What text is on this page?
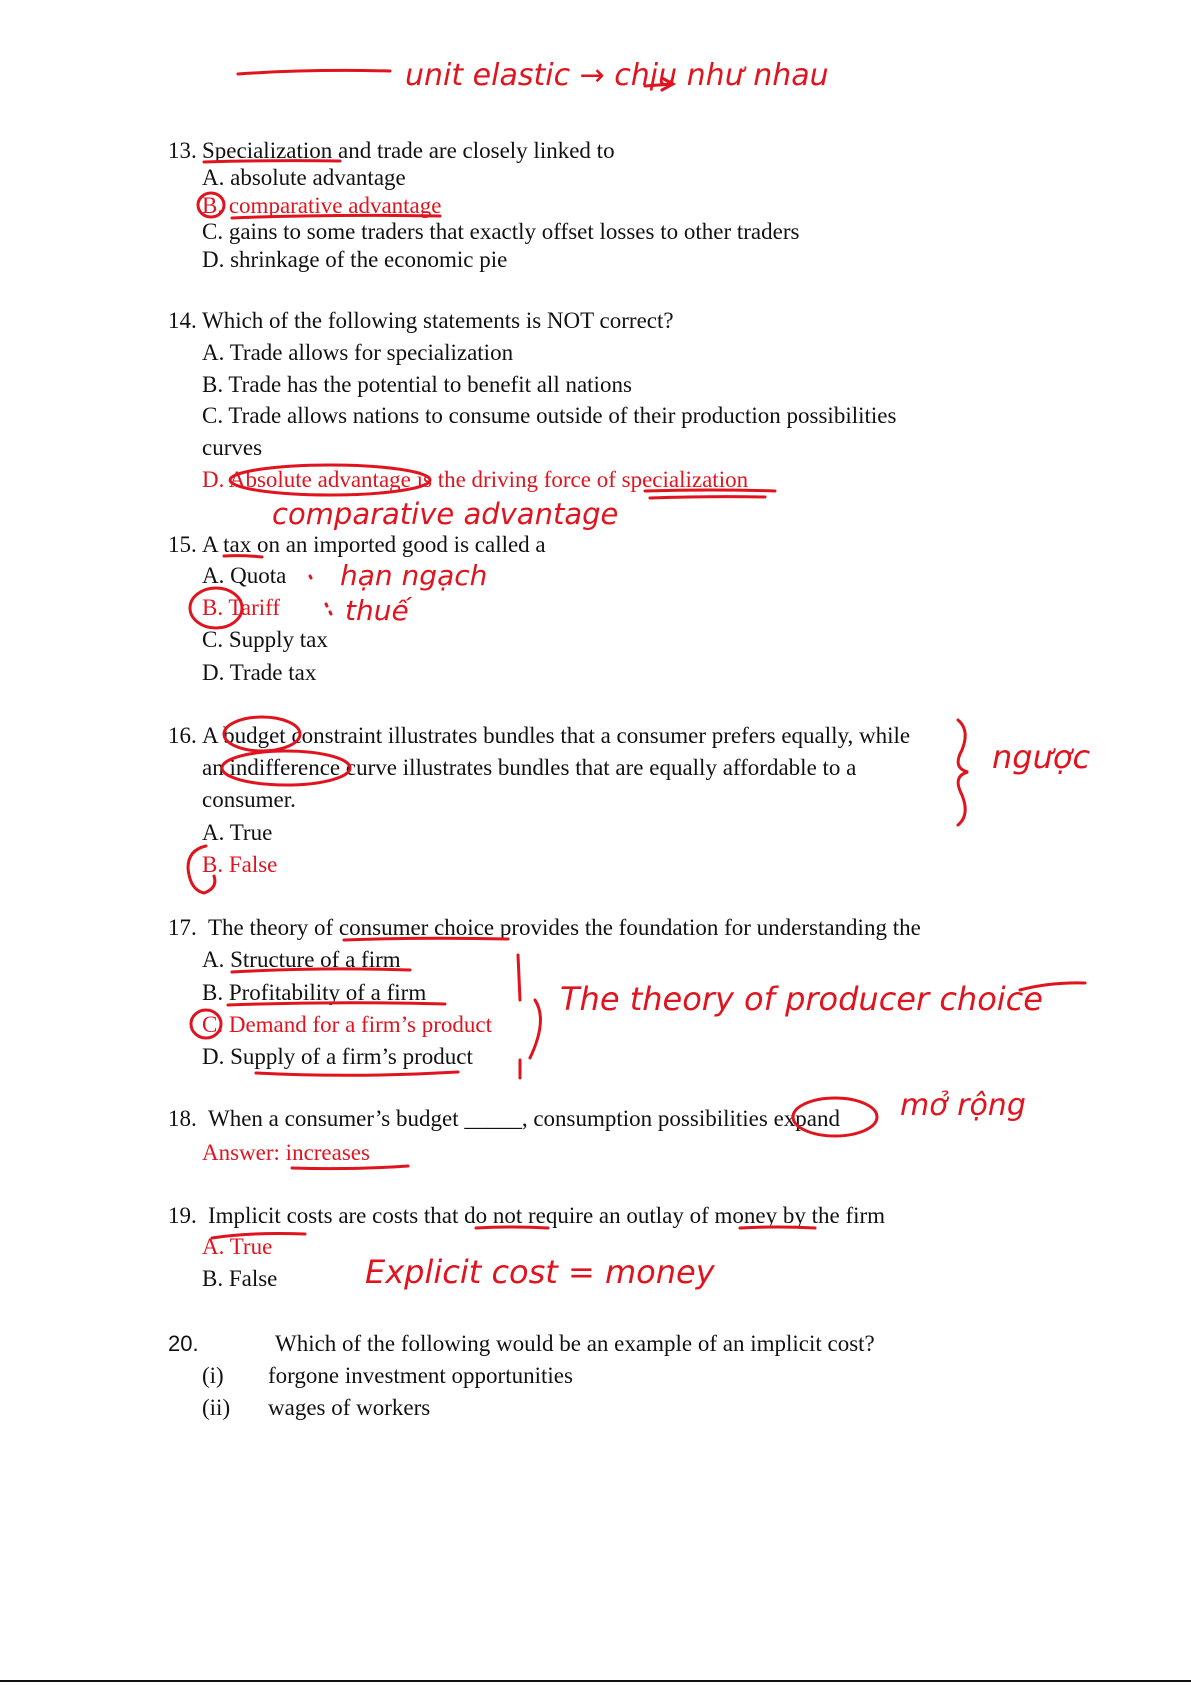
13. Specialization and trade are closely linked to
A. absolute advantage
B. comparative advantage
C. gains to some traders that exactly offset losses to other traders
D. shrinkage of the economic pie
14. Which of the following statements is NOT correct?
A. Trade allows for specialization
B. Trade has the potential to benefit all nations
C. Trade allows nations to consume outside of their production possibilities
curves
D. Absolute advantage is the driving force of specialization
15. A tax on an imported good is called a
A. Quota
B. Tariff
C. Supply tax
D. Trade tax
16. A budget constraint illustrates bundles that a consumer prefers equally, while
an indifference curve illustrates bundles that are equally affordable to a
consumer.
A. True
B. False
17. The theory of consumer choice provides the foundation for understanding the
A. Structure of a firm
B. Profitability of a firm
C. Demand for a firm’s product
D. Supply of a firm’s product
18. When a consumer’s budget _____, consumption possibilities expand
Answer: increases
19. Implicit costs are costs that do not require an outlay of money by the firm
A. True
B. False
20.	Which of the following would be an example of an implicit cost?
(i) forgone investment opportunities
(ii) wages of workers
unit elastic → chịu như nhau
comparative advantage
hạn ngạch
thuế
ngược
The theory of producer choice
mở rộng
Explicit cost = money
